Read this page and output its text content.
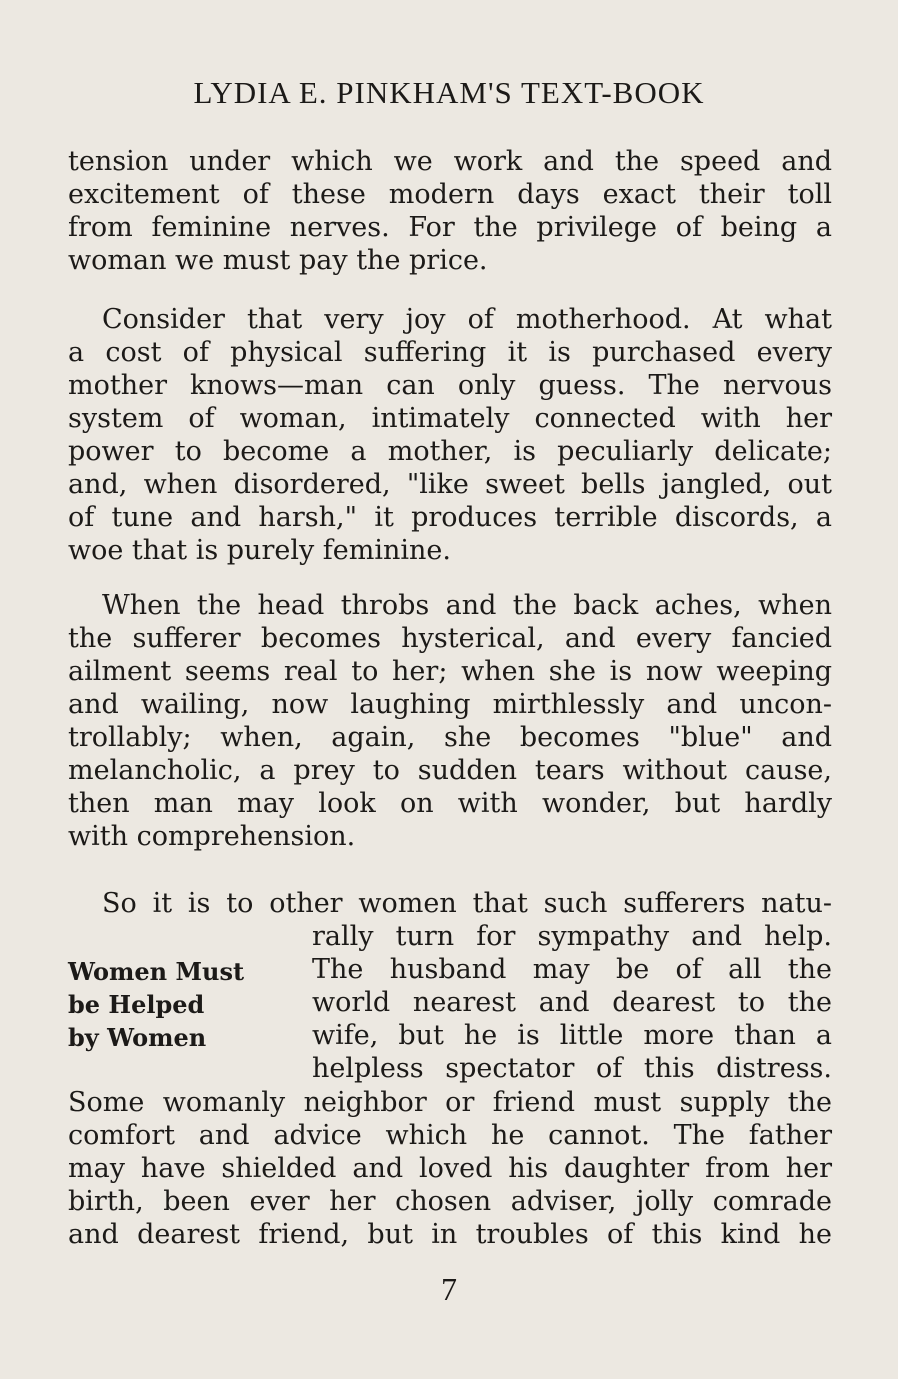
LYDIA E. PINKHAM'S TEXT-BOOK
tension under which we work and the speed and
excitement of these modern days exact their toll
from feminine nerves. For the privilege of being a
woman we must pay the price.
Consider that very joy of motherhood. At what
a cost of physical suffering it is purchased every
mother knows—man can only guess. The nervous
system of woman, intimately connected with her
power to become a mother, is peculiarly delicate;
and, when disordered, "like sweet bells jangled, out
of tune and harsh," it produces terrible discords, a
woe that is purely feminine.
When the head throbs and the back aches, when
the sufferer becomes hysterical, and every fancied
ailment seems real to her; when she is now weeping
and wailing, now laughing mirthlessly and uncon-
trollably; when, again, she becomes "blue" and
melancholic, a prey to sudden tears without cause,
then man may look on with wonder, but hardly
with comprehension.
So it is to other women that such sufferers natu-
rally turn for sympathy and help.
The husband may be of all the
world nearest and dearest to the
wife, but he is little more than a
helpless spectator of this distress.
Women Must
be Helped
by Women
Some womanly neighbor or friend must supply the
comfort and advice which he cannot. The father
may have shielded and loved his daughter from her
birth, been ever her chosen adviser, jolly comrade
and dearest friend, but in troubles of this kind he
7
